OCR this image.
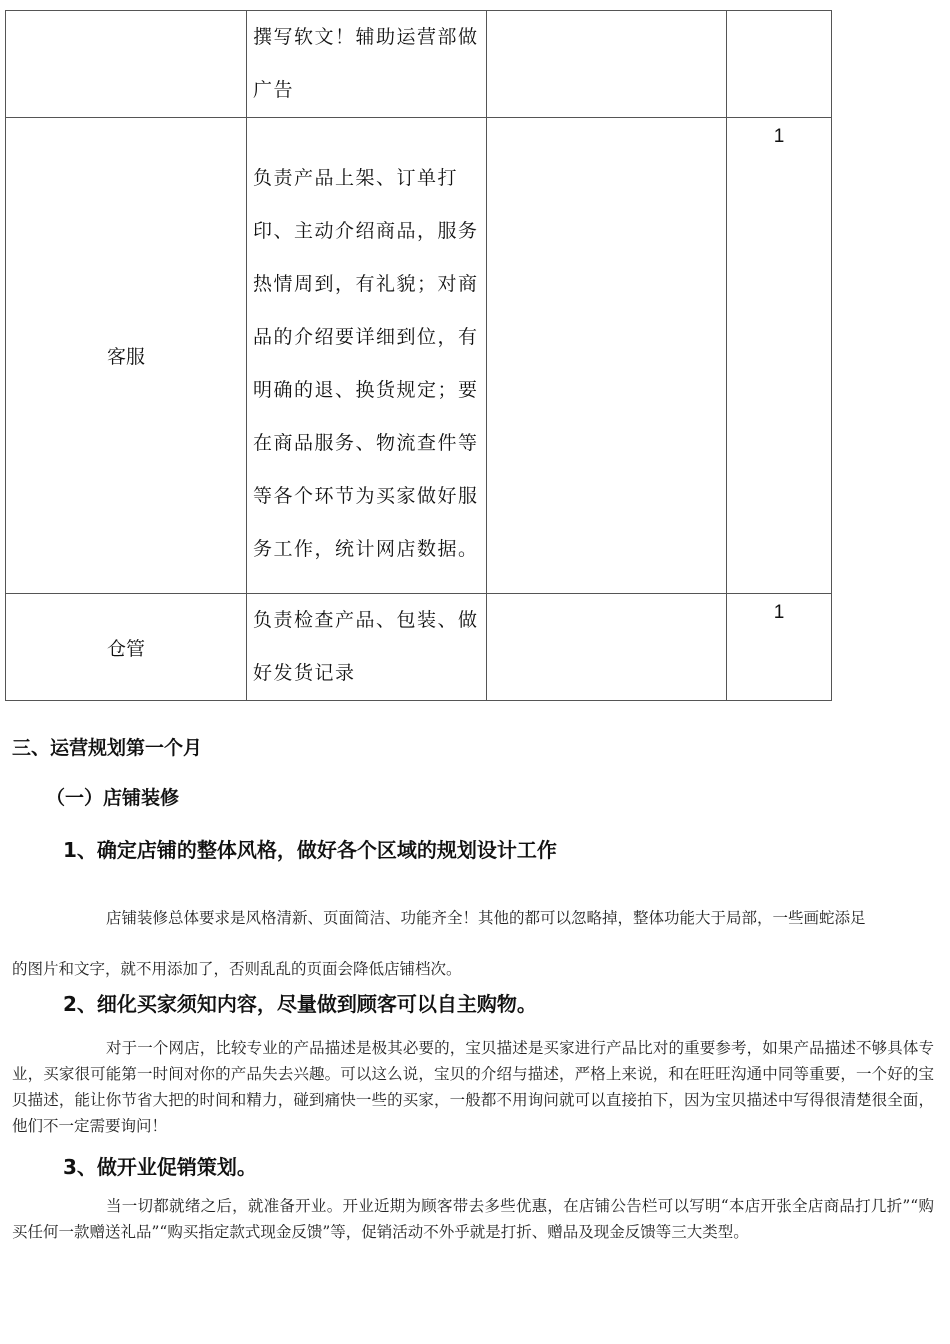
	撰写软文！辅助运营部做广告		
客服	负责产品上架、订单打印、主动介绍商品，服务热情周到，有礼貌；对商品的介绍要详细到位，有明确的退、换货规定；要在商品服务、物流查件等等各个环节为买家做好服务工作，统计网店数据。		1
仓管	负责检查产品、包装、做好发货记录		1
三、运营规划第一个月
（一）店铺装修
1、确定店铺的整体风格，做好各个区域的规划设计工作

店铺装修总体要求是风格清新、页面简洁、功能齐全！其他的都可以忽略掉，整体功能大于局部，一些画蛇添足的图片和文字，就不用添加了，否则乱乱的页面会降低店铺档次。

2、细化买家须知内容，尽量做到顾客可以自主购物。

对于一个网店，比较专业的产品描述是极其必要的，宝贝描述是买家进行产品比对的重要参考，如果产品描述不够具体专业，买家很可能第一时间对你的产品失去兴趣。可以这么说，宝贝的介绍与描述，严格上来说，和在旺旺沟通中同等重要，一个好的宝贝描述，能让你节省大把的时间和精力，碰到痛快一些的买家，一般都不用询问就可以直接拍下，因为宝贝描述中写得很清楚很全面，他们不一定需要询问！

3、做开业促销策划。

当一切都就绪之后，就准备开业。开业近期为顾客带去多些优惠，在店铺公告栏可以写明“本店开张全店商品打几折”“购买任何一款赠送礼品”“购买指定款式现金反馈”等，促销活动不外乎就是打折、赠品及现金反馈等三大类型。
